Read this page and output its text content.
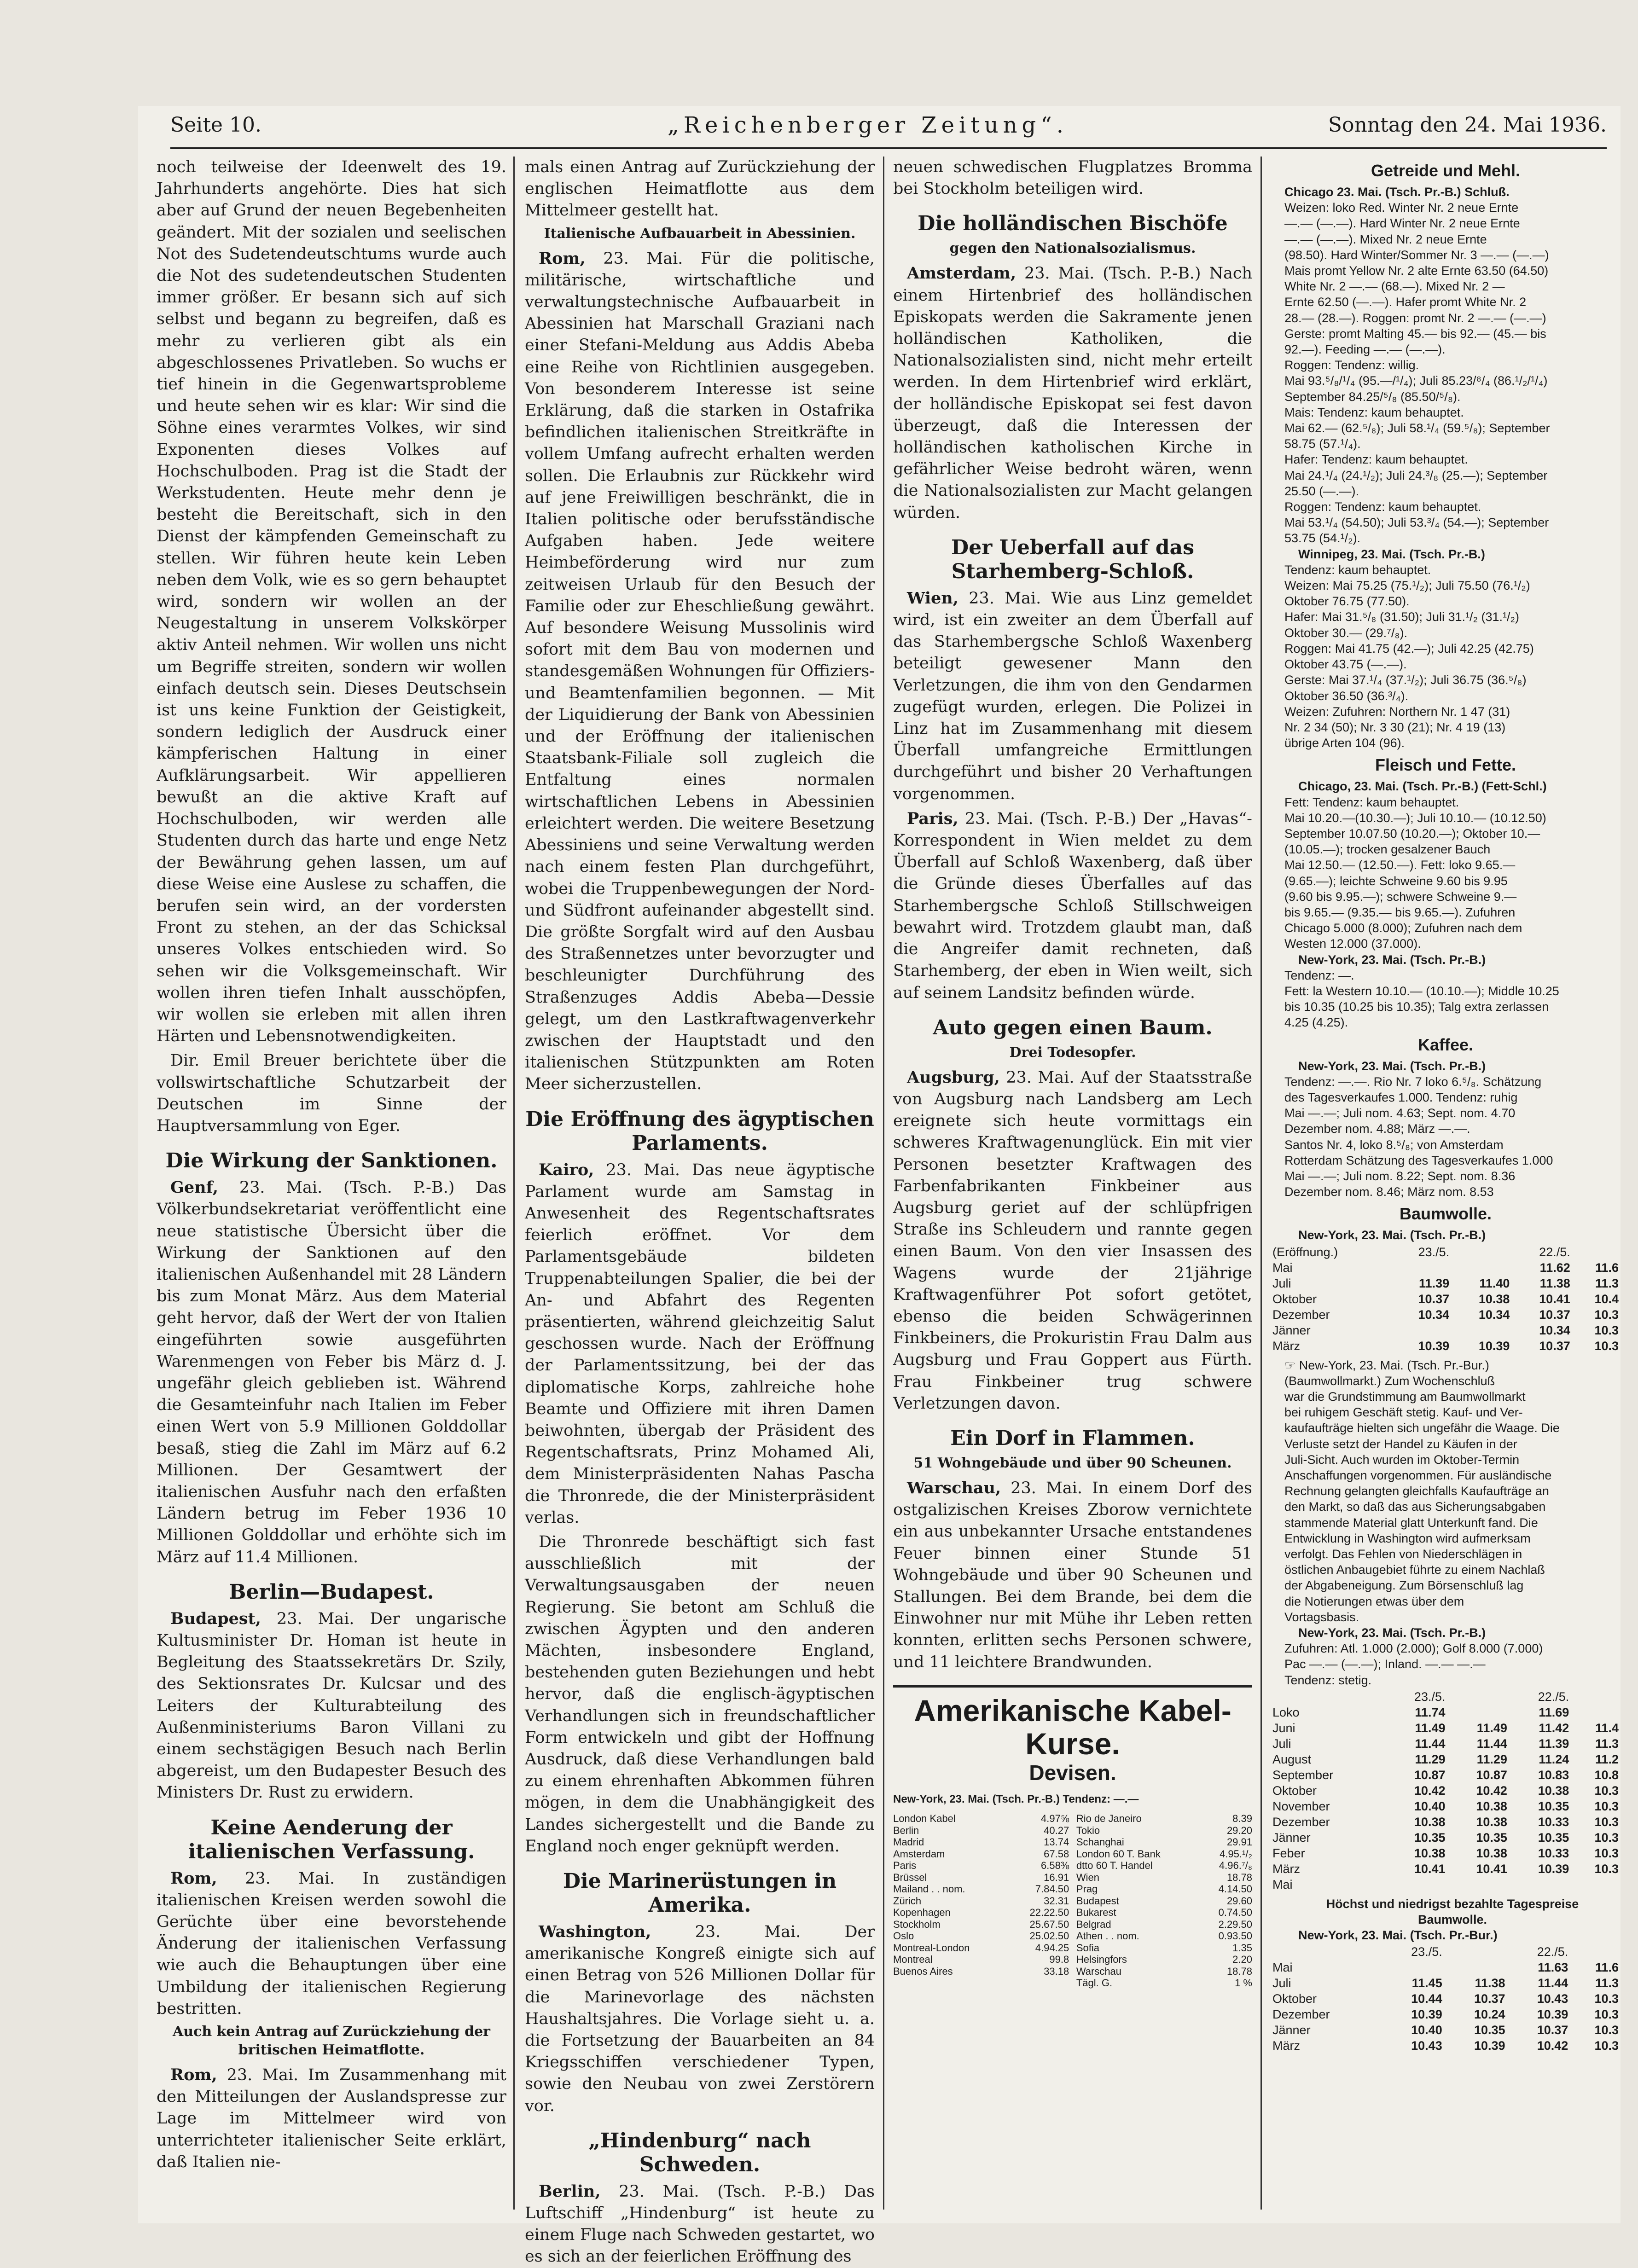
Seite 10.	„Reichenberger Zeitung“.	Sonntag den 24. Mai 1936.

noch teilweise der Ideenwelt des 19. Jahrhunderts angehörte. Dies hat sich aber auf Grund der neuen Begebenheiten geändert. Mit der sozialen und seelischen Not des Sudetendeutschtums wurde auch die Not des sudetendeutschen Studenten immer größer. Er besann sich auf sich selbst und begann zu begreifen, daß es mehr zu verlieren gibt als ein abgeschlossenes Privatleben. So wuchs er tief hinein in die Gegenwartsprobleme und heute sehen wir es klar: Wir sind die Söhne eines verarmtes Volkes, wir sind Exponenten dieses Volkes auf Hochschulboden. Prag ist die Stadt der Werkstudenten. Heute mehr denn je besteht die Bereitschaft, sich in den Dienst der kämpfenden Gemeinschaft zu stellen. Wir führen heute kein Leben neben dem Volk, wie es so gern behauptet wird, sondern wir wollen an der Neugestaltung in unserem Volkskörper aktiv Anteil nehmen. Wir wollen uns nicht um Begriffe streiten, sondern wir wollen einfach deutsch sein. Dieses Deutschsein ist uns keine Funktion der Geistigkeit, sondern lediglich der Ausdruck einer kämpferischen Haltung in einer Aufklärungsarbeit. Wir appellieren bewußt an die aktive Kraft auf Hochschulboden, wir werden alle Studenten durch das harte und enge Netz der Bewährung gehen lassen, um auf diese Weise eine Auslese zu schaffen, die berufen sein wird, an der vordersten Front zu stehen, an der das Schicksal unseres Volkes entschieden wird. So sehen wir die Volksgemeinschaft. Wir wollen ihren tiefen Inhalt ausschöpfen, wir wollen sie erleben mit allen ihren Härten und Lebensnotwendigkeiten.

Dir. Emil Breuer berichtete über die vollswirtschaftliche Schutzarbeit der Deutschen im Sinne der Hauptversammlung von Eger.

Die Wirkung der Sanktionen.

Genf, 23. Mai. (Tsch. P.-B.) Das Völkerbundsekretariat veröffentlicht eine neue statistische Übersicht über die Wirkung der Sanktionen auf den italienischen Außenhandel mit 28 Ländern bis zum Monat März. Aus dem Material geht hervor, daß der Wert der von Italien eingeführten sowie ausgeführten Warenmengen von Feber bis März d. J. ungefähr gleich geblieben ist. Während die Gesamteinfuhr nach Italien im Feber einen Wert von 5.9 Millionen Golddollar besaß, stieg die Zahl im März auf 6.2 Millionen. Der Gesamtwert der italienischen Ausfuhr nach den erfaßten Ländern betrug im Feber 1936 10 Millionen Golddollar und erhöhte sich im März auf 11.4 Millionen.

Berlin—Budapest.

Budapest, 23. Mai. Der ungarische Kultusminister Dr. Homan ist heute in Begleitung des Staatssekretärs Dr. Szily, des Sektionsrates Dr. Kulcsar und des Leiters der Kulturabteilung des Außenministeriums Baron Villani zu einem sechstägigen Besuch nach Berlin abgereist, um den Budapester Besuch des Ministers Dr. Rust zu erwidern.

Keine Aenderung der italienischen Verfassung.

Rom, 23. Mai. In zuständigen italienischen Kreisen werden sowohl die Gerüchte über eine bevorstehende Änderung der italienischen Verfassung wie auch die Behauptungen über eine Umbildung der italienischen Regierung bestritten.

Auch kein Antrag auf Zurückziehung der britischen Heimatflotte.

Rom, 23. Mai. Im Zusammenhang mit den Mitteilungen der Auslandspresse zur Lage im Mittelmeer wird von unterrichteter italienischer Seite erklärt, daß Italien nie-

mals einen Antrag auf Zurückziehung der englischen Heimatflotte aus dem Mittelmeer gestellt hat.

Italienische Aufbauarbeit in Abessinien.

Rom, 23. Mai. Für die politische, militärische, wirtschaftliche und verwaltungstechnische Aufbauarbeit in Abessinien hat Marschall Graziani nach einer Stefani-Meldung aus Addis Abeba eine Reihe von Richtlinien ausgegeben. Von besonderem Interesse ist seine Erklärung, daß die starken in Ostafrika befindlichen italienischen Streitkräfte in vollem Umfang aufrecht erhalten werden sollen. Die Erlaubnis zur Rückkehr wird auf jene Freiwilligen beschränkt, die in Italien politische oder berufsständische Aufgaben haben. Jede weitere Heimbeförderung wird nur zum zeitweisen Urlaub für den Besuch der Familie oder zur Eheschließung gewährt. Auf besondere Weisung Mussolinis wird sofort mit dem Bau von modernen und standesgemäßen Wohnungen für Offiziers- und Beamtenfamilien begonnen. — Mit der Liquidierung der Bank von Abessinien und der Eröffnung der italienischen Staatsbank-Filiale soll zugleich die Entfaltung eines normalen wirtschaftlichen Lebens in Abessinien erleichtert werden. Die weitere Besetzung Abessiniens und seine Verwaltung werden nach einem festen Plan durchgeführt, wobei die Truppenbewegungen der Nord- und Südfront aufeinander abgestellt sind. Die größte Sorgfalt wird auf den Ausbau des Straßennetzes unter bevorzugter und beschleunigter Durchführung des Straßenzuges Addis Abeba—Dessie gelegt, um den Lastkraftwagenverkehr zwischen der Hauptstadt und den italienischen Stützpunkten am Roten Meer sicherzustellen.

Die Eröffnung des ägyptischen Parlaments.

Kairo, 23. Mai. Das neue ägyptische Parlament wurde am Samstag in Anwesenheit des Regentschaftsrates feierlich eröffnet. Vor dem Parlamentsgebäude bildeten Truppenabteilungen Spalier, die bei der An- und Abfahrt des Regenten präsentierten, während gleichzeitig Salut geschossen wurde. Nach der Eröffnung der Parlamentssitzung, bei der das diplomatische Korps, zahlreiche hohe Beamte und Offiziere mit ihren Damen beiwohnten, übergab der Präsident des Regentschaftsrats, Prinz Mohamed Ali, dem Ministerpräsidenten Nahas Pascha die Thronrede, die der Ministerpräsident verlas.

Die Thronrede beschäftigt sich fast ausschließlich mit der Verwaltungsausgaben der neuen Regierung. Sie betont am Schluß die zwischen Ägypten und den anderen Mächten, insbesondere England, bestehenden guten Beziehungen und hebt hervor, daß die englisch-ägyptischen Verhandlungen sich in freundschaftlicher Form entwickeln und gibt der Hoffnung Ausdruck, daß diese Verhandlungen bald zu einem ehrenhaften Abkommen führen mögen, in dem die Unabhängigkeit des Landes sichergestellt und die Bande zu England noch enger geknüpft werden.

Die Marinerüstungen in Amerika.

Washington,	23. Mai. Der amerikanische Kongreß einigte sich auf einen Betrag von 526 Millionen Dollar für die Marinevorlage des nächsten Haushaltsjahres. Die Vorlage sieht u. a. die Fortsetzung der Bauarbeiten an 84 Kriegsschiffen verschiedener Typen, sowie den Neubau von zwei Zerstörern vor.

„Hindenburg“ nach Schweden.

Berlin, 23. Mai. (Tsch. P.-B.) Das Luftschiff „Hindenburg“ ist heute zu einem Fluge nach Schweden gestartet, wo es sich an der feierlichen Eröffnung des

neuen schwedischen Flugplatzes Bromma bei Stockholm beteiligen wird.

Die holländischen Bischöfe
gegen den Nationalsozialismus.

Amsterdam, 23. Mai. (Tsch. P.-B.) Nach einem Hirtenbrief des holländischen Episkopats werden die Sakramente jenen holländischen Katholiken, die Nationalsozialisten sind, nicht mehr erteilt werden. In dem Hirtenbrief wird erklärt, der holländische Episkopat sei fest davon überzeugt, daß die Interessen der holländischen katholischen Kirche in gefährlicher Weise bedroht wären, wenn die Nationalsozialisten zur Macht gelangen würden.

Der Ueberfall auf das Starhemberg-Schloß.

Wien, 23. Mai. Wie aus Linz gemeldet wird, ist ein zweiter an dem Überfall auf das Starhembergsche Schloß Waxenberg beteiligt gewesener Mann den Verletzungen, die ihm von den Gendarmen zugefügt wurden, erlegen. Die Polizei in Linz hat im Zusammenhang mit diesem Überfall umfangreiche Ermittlungen durchgeführt und bisher 20 Verhaftungen vorgenommen.

Paris, 23. Mai. (Tsch. P.-B.) Der „Havas“-Korrespondent in Wien meldet zu dem Überfall auf Schloß Waxenberg, daß über die Gründe dieses Überfalles auf das Starhembergsche Schloß Stillschweigen bewahrt wird. Trotzdem glaubt man, daß die Angreifer damit rechneten, daß Starhemberg, der eben in Wien weilt, sich auf seinem Landsitz befinden würde.

Auto gegen einen Baum.
Drei Todesopfer.

Augsburg, 23. Mai. Auf der Staatsstraße von Augsburg nach Landsberg am Lech ereignete sich heute vormittags ein schweres Kraftwagenunglück. Ein mit vier Personen besetzter Kraftwagen des Farbenfabrikanten Finkbeiner aus Augsburg geriet auf der schlüpfrigen Straße ins Schleudern und rannte gegen einen Baum. Von den vier Insassen des Wagens wurde der 21jährige Kraftwagenführer Pot sofort getötet, ebenso die beiden Schwägerinnen Finkbeiners, die Prokuristin Frau Dalm aus Augsburg und Frau Goppert aus Fürth. Frau Finkbeiner trug schwere Verletzungen davon.

Ein Dorf in Flammen.
51 Wohngebäude und über 90 Scheunen.

Warschau, 23. Mai. In einem Dorf des ostgalizischen Kreises Zborow vernichtete ein aus unbekannter Ursache entstandenes Feuer binnen einer Stunde 51 Wohngebäude und über 90 Scheunen und Stallungen. Bei dem Brande, bei dem die Einwohner nur mit Mühe ihr Leben retten konnten, erlitten sechs Personen schwere, und 11 leichtere Brandwunden.

Amerikanische Kabel-Kurse.
Devisen.

New-York, 23. Mai. (Tsch. Pr.-B.) Tendenz: —.—

London Kabel	4.97⅝
Berlin	40.27
Madrid	13.74
Amsterdam	67.58
Paris	6.58⅜
Brüssel	16.91
Mailand . . nom.	7.84.50
Zürich	32.31
Kopenhagen	22.22.50
Stockholm	25.67.50
Oslo	25.02.50
Montreal-London	4.94.25
Montreal	99.8
Buenos Aires	33.18
Rio de Janeiro	8.39
Tokio	29.20
Schanghai	29.91
London 60 T. Bank	4.95.¹/₂
dtto 60 T. Handel	4.96.⁷/₈
Wien	18.78
Prag	4.14.50
Budapest	29.60
Bukarest	0.74.50
Belgrad	2.29.50
Athen . . nom.	0.93.50
Sofia	1.35
Helsingfors	2.20
Warschau	18.78
Tägl. G.	1 %
Getreide und Mehl.

Chicago 23. Mai. (Tsch. Pr.-B.) Schluß.

Weizen: loko Red. Winter Nr. 2 neue Ernte

—.— (—.—). Hard Winter Nr. 2 neue Ernte

—.— (—.—). Mixed Nr. 2 neue Ernte

(98.50). Hard Winter/Sommer Nr. 3 —.— (—.—)

Mais promt Yellow Nr. 2 alte Ernte 63.50 (64.50)

White Nr. 2 —.— (68.—). Mixed Nr. 2 —

Ernte 62.50 (—.—). Hafer promt White Nr. 2

28.— (28.—). Roggen: promt Nr. 2 —.— (—.—)

Gerste: promt Malting 45.— bis 92.— (45.— bis

92.—). Feeding —.— (—.—).

Roggen: Tendenz: willig.

Mai 93.⁵/₈/¹/₄ (95.—/¹/₄); Juli 85.23/⁸/₄ (86.¹/₂/¹/₄)

September 84.25/⁵/₈ (85.50/⁵/₈).

Mais: Tendenz: kaum behauptet.

Mai 62.— (62.⁵/₈); Juli 58.¹/₄ (59.⁵/₈); September

58.75 (57.¹/₄).

Hafer: Tendenz: kaum behauptet.

Mai 24.¹/₄ (24.¹/₂); Juli 24.³/₈ (25.—); September

25.50 (—.—).

Roggen: Tendenz: kaum behauptet.

Mai 53.¹/₄ (54.50); Juli 53.³/₄ (54.—); September

53.75 (54.¹/₂).

Winnipeg, 23. Mai. (Tsch. Pr.-B.)

Tendenz: kaum behauptet.

Weizen: Mai 75.25 (75.¹/₂); Juli 75.50 (76.¹/₂)

Oktober 76.75 (77.50).

Hafer: Mai 31.⁵/₈ (31.50); Juli 31.¹/₂ (31.¹/₂)

Oktober 30.— (29.⁷/₈).

Roggen: Mai 41.75 (42.—); Juli 42.25 (42.75)

Oktober 43.75 (—.—).

Gerste: Mai 37.¹/₄ (37.¹/₂); Juli 36.75 (36.⁵/₈)

Oktober 36.50 (36.³/₄).

Weizen: Zufuhren: Northern Nr. 1 47 (31)

Nr. 2 34 (50); Nr. 3 30 (21); Nr. 4 19 (13)

übrige Arten 104 (96).

Fleisch und Fette.

Chicago, 23. Mai. (Tsch. Pr.-B.) (Fett-Schl.)

Fett: Tendenz: kaum behauptet.

Mai 10.20.—(10.30.—); Juli 10.10.— (10.12.50)

September 10.07.50 (10.20.—); Oktober 10.—

(10.05.—); trocken gesalzener Bauch

Mai 12.50.— (12.50.—). Fett: loko 9.65.—

(9.65.—); leichte Schweine 9.60 bis 9.95

(9.60 bis 9.95.—); schwere Schweine 9.—

bis 9.65.— (9.35.— bis 9.65.—). Zufuhren

Chicago 5.000 (8.000); Zufuhren nach dem

Westen 12.000 (37.000).

New-York, 23. Mai. (Tsch. Pr.-B.)

Tendenz: —.

Fett: la Western 10.10.— (10.10.—); Middle 10.25

bis 10.35 (10.25 bis 10.35); Talg extra zerlassen

4.25 (4.25).

Kaffee.

New-York, 23. Mai. (Tsch. Pr.-B.)

Tendenz: —.—. Rio Nr. 7 loko 6.⁵/₈. Schätzung

des Tagesverkaufes 1.000. Tendenz: ruhig

Mai —.—; Juli nom. 4.63; Sept. nom. 4.70

Dezember nom. 4.88; März —.—.

Santos Nr. 4, loko 8.⁵/₈; von Amsterdam

Rotterdam Schätzung des Tagesverkaufes 1.000

Mai —.—; Juli nom. 8.22; Sept. nom. 8.36

Dezember nom. 8.46; März nom. 8.53

Baumwolle.

New-York, 23. Mai. (Tsch. Pr.-B.)

(Eröffnung.)	23./5.		22./5.	
Mai			11.62	11.6
Juli	11.39	11.40	11.38	11.3
Oktober	10.37	10.38	10.41	10.4
Dezember	10.34	10.34	10.37	10.3
Jänner			10.34	10.3
März	10.39	10.39	10.37	10.3

☞ New-York, 23. Mai. (Tsch. Pr.-Bur.)

(Baumwollmarkt.) Zum Wochenschluß

war die Grundstimmung am Baumwollmarkt

bei ruhigem Geschäft stetig. Kauf- und Ver-

kaufaufträge hielten sich ungefähr die Waage. Die

Verluste setzt der Handel zu Käufen in der

Juli-Sicht. Auch wurden im Oktober-Termin

Anschaffungen vorgenommen. Für ausländische

Rechnung gelangten gleichfalls Kaufaufträge an

den Markt, so daß das aus Sicherungsabgaben

stammende Material glatt Unterkunft fand. Die

Entwicklung in Washington wird aufmerksam

verfolgt. Das Fehlen von Niederschlägen in

östlichen Anbaugebiet führte zu einem Nachlaß

der Abgabeneigung. Zum Börsenschluß lag

die Notierungen etwas über dem

Vortagsbasis.

New-York, 23. Mai. (Tsch. Pr.-B.)

Zufuhren: Atl. 1.000 (2.000); Golf 8.000 (7.000)

Pac —.— (—.—); Inland. —.— —.—

Tendenz: stetig.

	23./5.		22./5.	
Loko	11.74		11.69	
Juni	11.49	11.49	11.42	11.4
Juli	11.44	11.44	11.39	11.3
August	11.29	11.29	11.24	11.2
September	10.87	10.87	10.83	10.8
Oktober	10.42	10.42	10.38	10.3
November	10.40	10.38	10.35	10.3
Dezember	10.38	10.38	10.33	10.3
Jänner	10.35	10.35	10.35	10.3
Feber	10.38	10.38	10.33	10.3
März	10.41	10.41	10.39	10.3
Mai				

Höchst und niedrigst bezahlte Tagespreise

Baumwolle.

New-York, 23. Mai. (Tsch. Pr.-Bur.)

	23./5.		22./5.	
Mai			11.63	11.6
Juli	11.45	11.38	11.44	11.3
Oktober	10.44	10.37	10.43	10.3
Dezember	10.39	10.24	10.39	10.3
Jänner	10.40	10.35	10.37	10.3
März	10.43	10.39	10.42	10.3
